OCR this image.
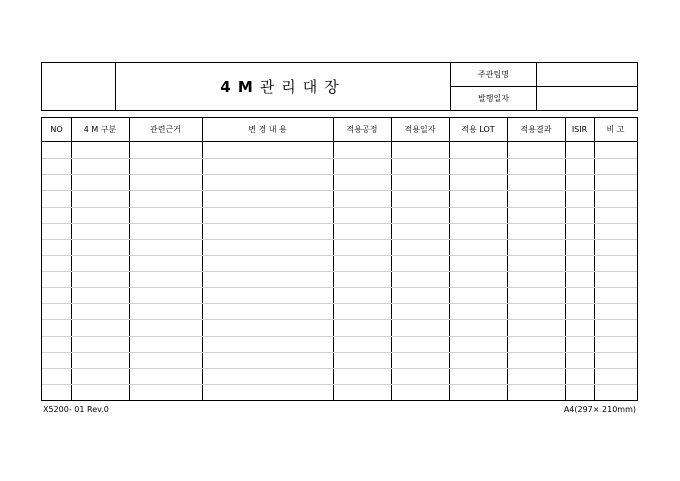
4 M 관리대장
주관팀명
발행일자
NO	4 M 구분	관련근거	변 경 내 용	적용공정	적용일자	적용 LOT	적용결과	ISIR	비 고
X5200- 01 Rev.0	A4(297× 210mm)
